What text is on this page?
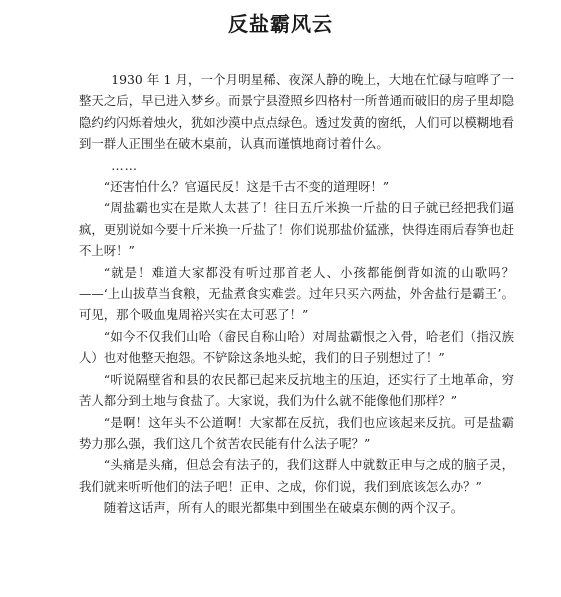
反盐霸风云

1930 年 1 月，一个月明星稀、夜深人静的晚上，大地在忙碌与喧哗了一整天之后，早已进入梦乡。而景宁县澄照乡四格村一所普通而破旧的房子里却隐隐约约闪烁着烛火，犹如沙漠中点点绿色。透过发黄的窗纸，人们可以模糊地看到一群人正围坐在破木桌前，认真而谨慎地商讨着什么。

……

“还害怕什么？官逼民反！这是千古不变的道理呀！”

“周盐霸也实在是欺人太甚了！往日五斤米换一斤盐的日子就已经把我们逼疯，更别说如今要十斤米换一斤盐了！你们说那盐价猛涨，快得连雨后春笋也赶不上呀！”

“就是！难道大家都没有听过那首老人、小孩都能倒背如流的山歌吗？——‘上山拔草当食粮，无盐煮食实难尝。过年只买六两盐，外舍盐行是霸王’。可见，那个吸血鬼周裕兴实在太可恶了！”

“如今不仅我们山哈（畲民自称山哈）对周盐霸恨之入骨，哈老们（指汉族人）也对他整天抱怨。不铲除这条地头蛇，我们的日子别想过了！”

“听说隔壁省和县的农民都已起来反抗地主的压迫，还实行了土地革命，穷苦人都分到土地与食盐了。大家说，我们为什么就不能像他们那样？”

“是啊！这年头不公道啊！大家都在反抗，我们也应该起来反抗。可是盐霸势力那么强，我们这几个贫苦农民能有什么法子呢？”

“头痛是头痛，但总会有法子的，我们这群人中就数正申与之成的脑子灵，我们就来听听他们的法子吧！正申、之成，你们说，我们到底该怎么办？”

随着这话声，所有人的眼光都集中到围坐在破桌东侧的两个汉子。
